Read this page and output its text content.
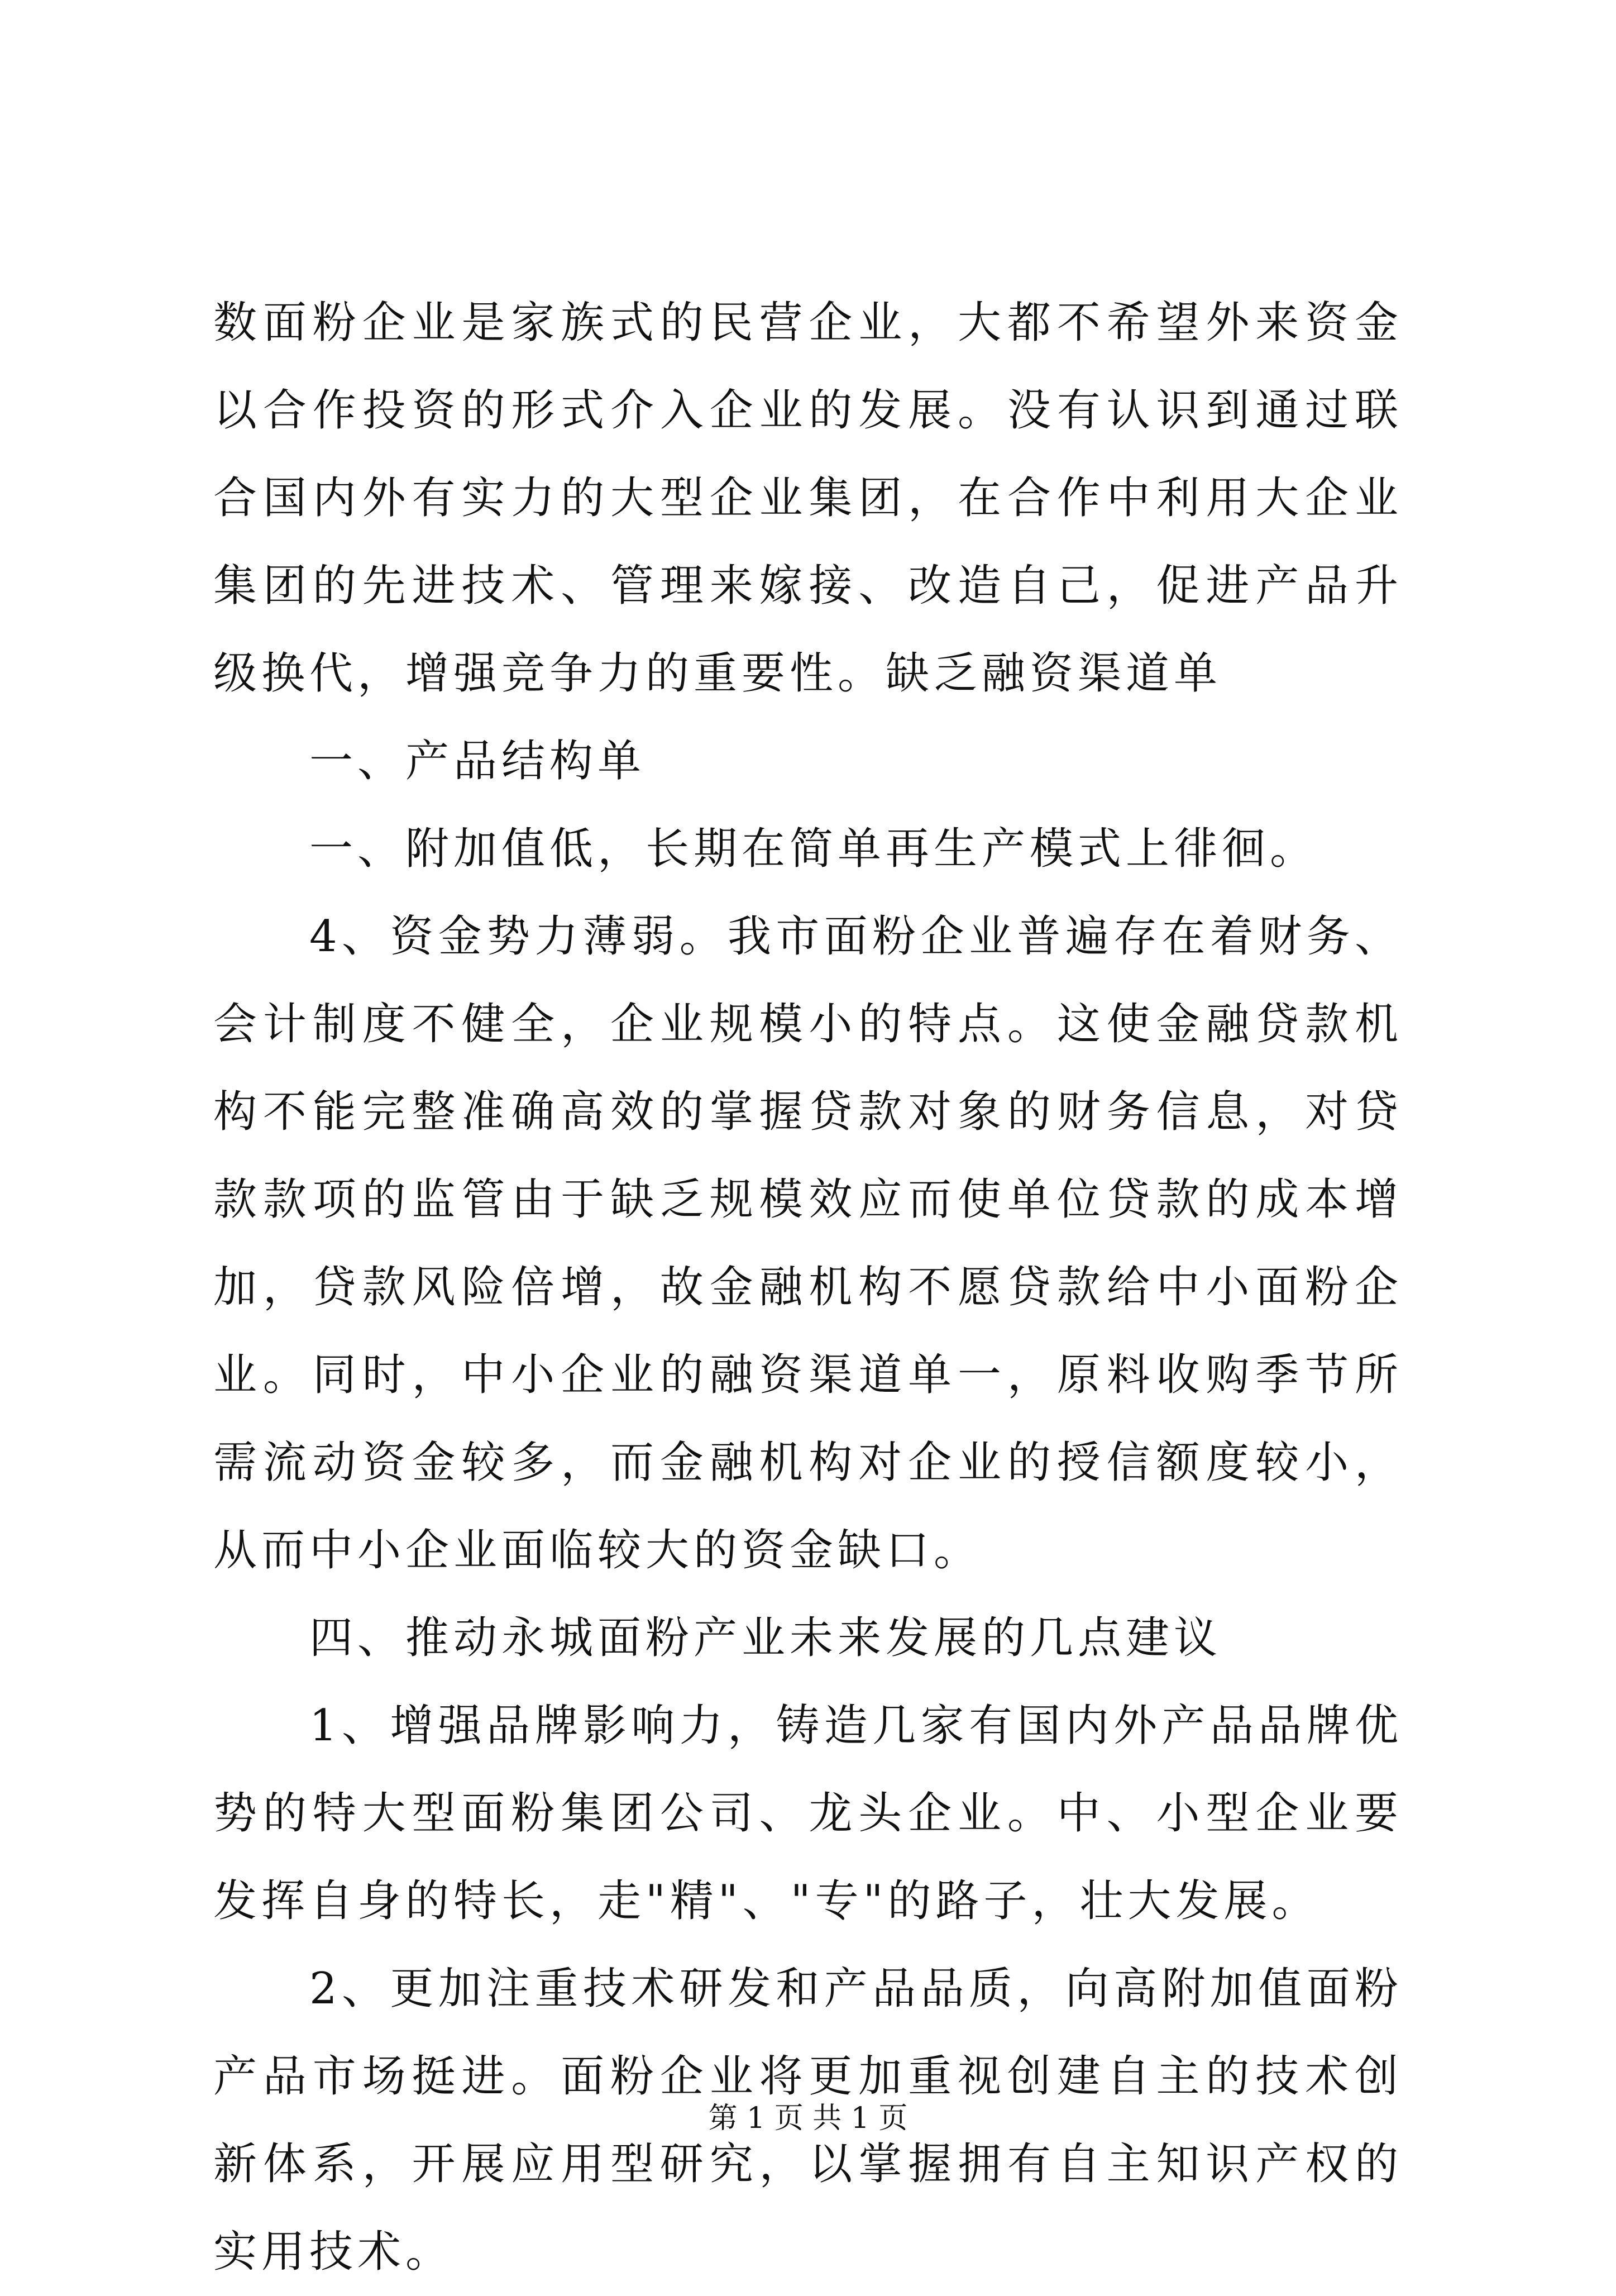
数面粉企业是家族式的民营企业，大都不希望外来资金以合作投资的形式介入企业的发展。没有认识到通过联合国内外有实力的大型企业集团，在合作中利用大企业集团的先进技术、管理来嫁接、改造自己，促进产品升级换代，增强竞争力的重要性。缺乏融资渠道单

一、产品结构单

一、附加值低，长期在简单再生产模式上徘徊。

4、资金势力薄弱。我市面粉企业普遍存在着财务、会计制度不健全，企业规模小的特点。这使金融贷款机构不能完整准确高效的掌握贷款对象的财务信息，对贷款款项的监管由于缺乏规模效应而使单位贷款的成本增加，贷款风险倍增，故金融机构不愿贷款给中小面粉企业。同时，中小企业的融资渠道单一，原料收购季节所需流动资金较多，而金融机构对企业的授信额度较小，从而中小企业面临较大的资金缺口。

四、推动永城面粉产业未来发展的几点建议

1、增强品牌影响力，铸造几家有国内外产品品牌优势的特大型面粉集团公司、龙头企业。中、小型企业要发挥自身的特长，走"精"、"专"的路子，壮大发展。

2、更加注重技术研发和产品品质，向高附加值面粉产品市场挺进。面粉企业将更加重视创建自主的技术创新体系，开展应用型研究，以掌握拥有自主知识产权的实用技术。

第 1 页 共 1 页
